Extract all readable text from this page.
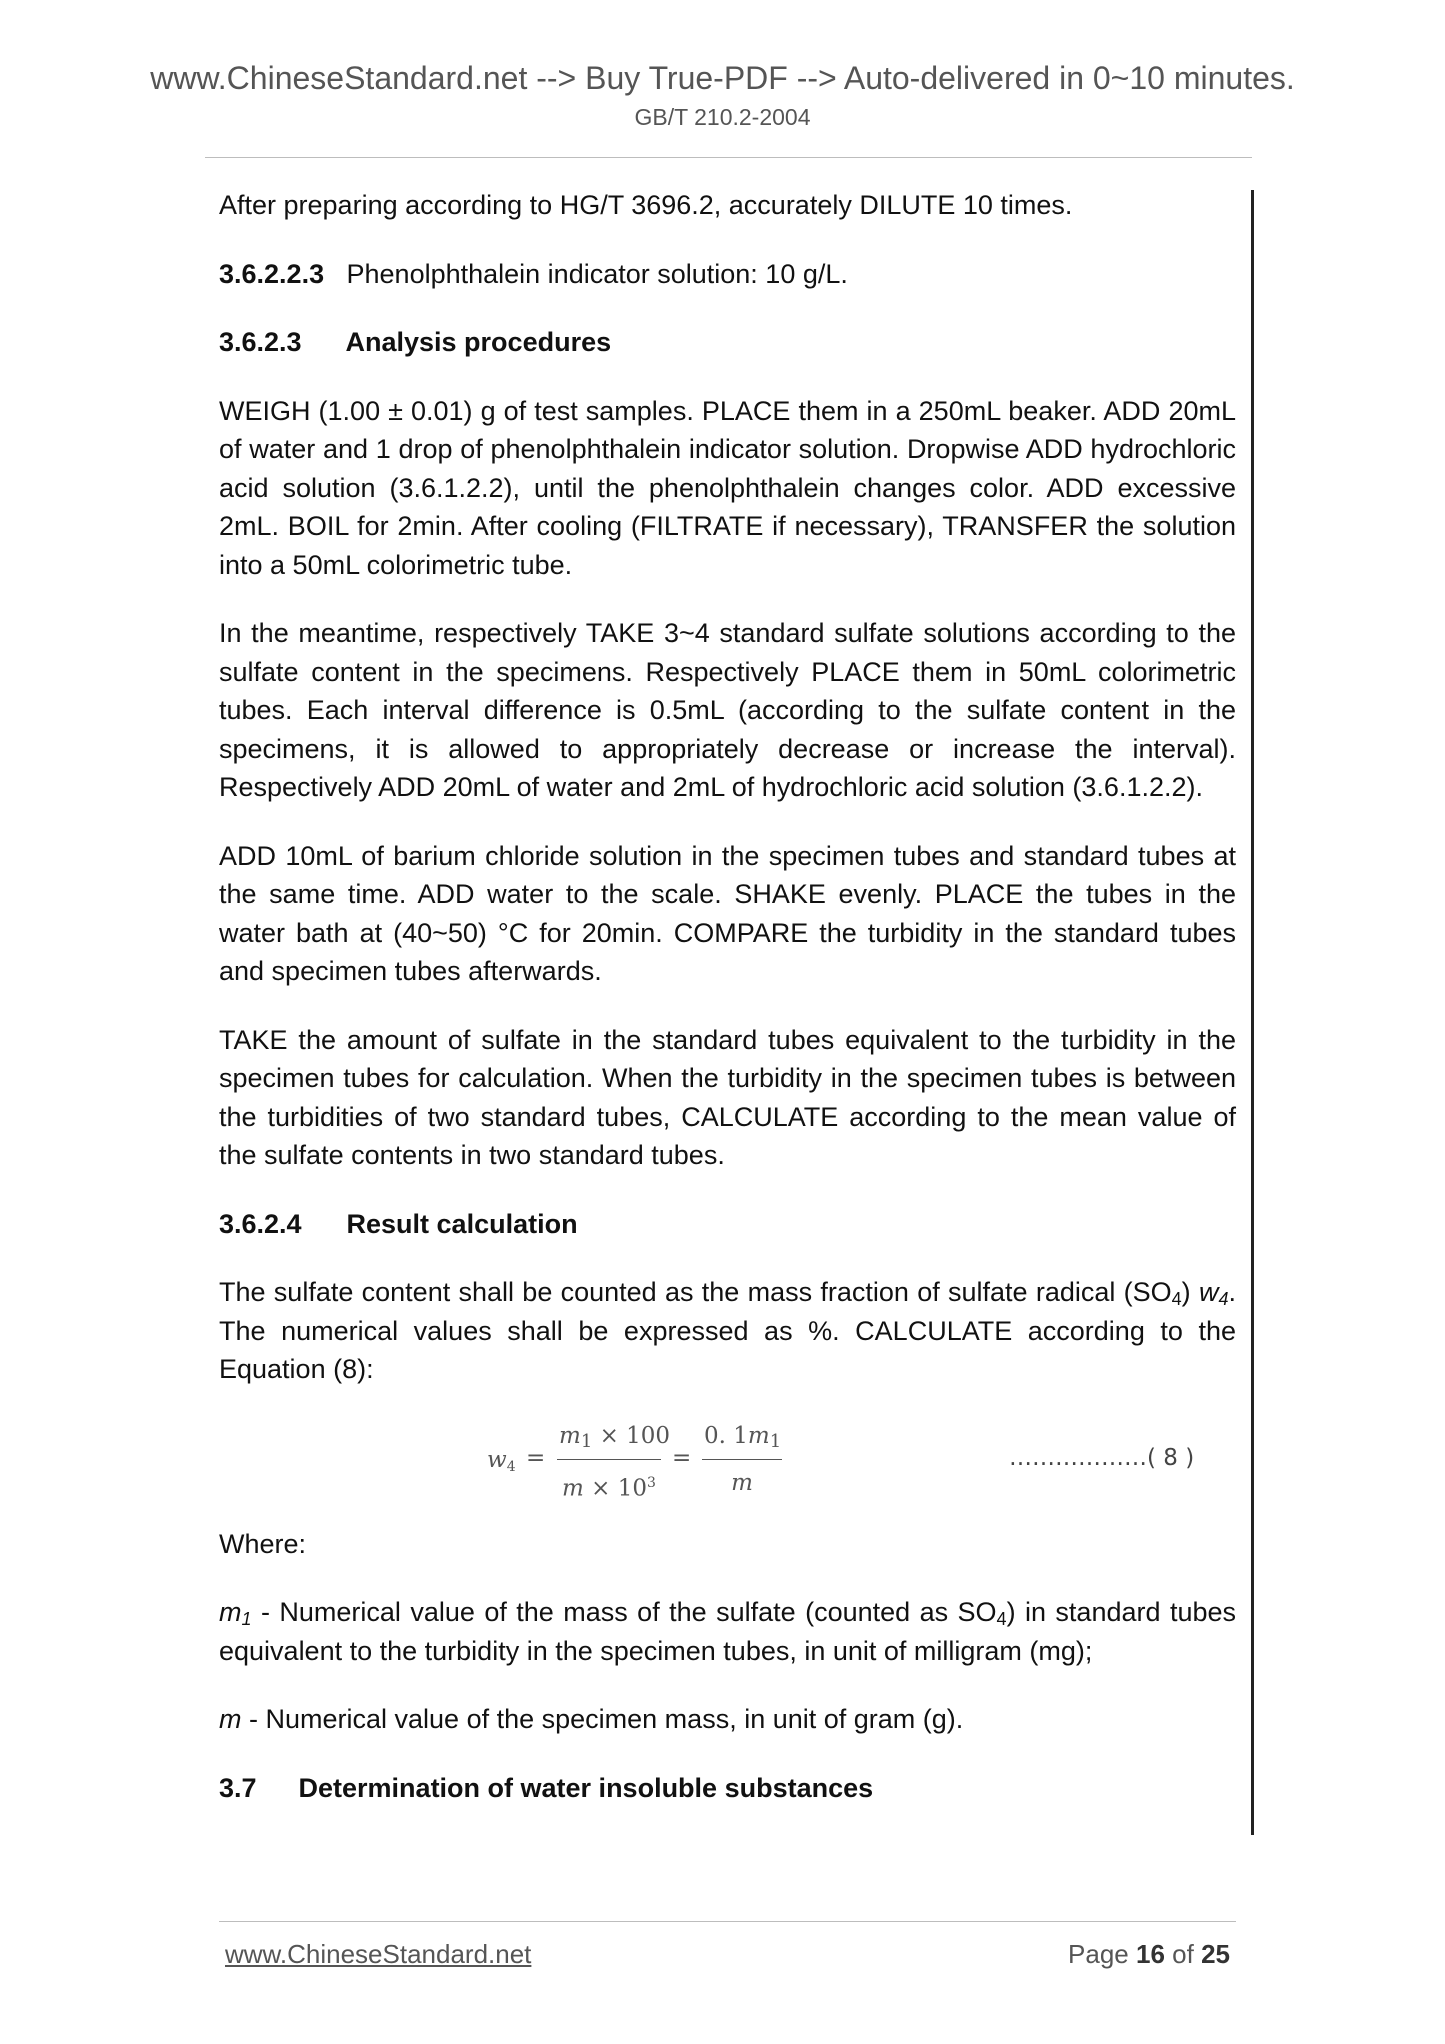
www.ChineseStandard.net --> Buy True-PDF --> Auto-delivered in 0~10 minutes.
GB/T 210.2-2004

After preparing according to HG/T 3696.2, accurately DILUTE 10 times.

3.6.2.2.3 Phenolphthalein indicator solution: 10 g/L.

3.6.2.3 Analysis procedures

WEIGH (1.00 ± 0.01) g of test samples. PLACE them in a 250mL beaker. ADD 20mL of water and 1 drop of phenolphthalein indicator solution. Dropwise ADD hydrochloric acid solution (3.6.1.2.2), until the phenolphthalein changes color. ADD excessive 2mL. BOIL for 2min. After cooling (FILTRATE if necessary), TRANSFER the solution into a 50mL colorimetric tube.

In the meantime, respectively TAKE 3~4 standard sulfate solutions according to the sulfate content in the specimens. Respectively PLACE them in 50mL colorimetric tubes. Each interval difference is 0.5mL (according to the sulfate content in the specimens, it is allowed to appropriately decrease or increase the interval). Respectively ADD 20mL of water and 2mL of hydrochloric acid solution (3.6.1.2.2).

ADD 10mL of barium chloride solution in the specimen tubes and standard tubes at the same time. ADD water to the scale. SHAKE evenly. PLACE the tubes in the water bath at (40~50) °C for 20min. COMPARE the turbidity in the standard tubes and specimen tubes afterwards.

TAKE the amount of sulfate in the standard tubes equivalent to the turbidity in the specimen tubes for calculation. When the turbidity in the specimen tubes is between the turbidities of two standard tubes, CALCULATE according to the mean value of the sulfate contents in two standard tubes.

3.6.2.4 Result calculation

The sulfate content shall be counted as the mass fraction of sulfate radical $(SO_4)$ $w_4$. The numerical values shall be expressed as %. CALCULATE according to the Equation (8):

$w_4 = \frac{m_1 \times 100}{m \times 10^3} = \frac{0. 1m_1}{m}$	………………( 8 )

Where:

$m_1$ - Numerical value of the mass of the sulfate (counted as $SO_4$) in standard tubes equivalent to the turbidity in the specimen tubes, in unit of milligram (mg);

m - Numerical value of the specimen mass, in unit of gram (g).

3.7 Determination of water insoluble substances
www.ChineseStandard.net	Page 16 of 25
